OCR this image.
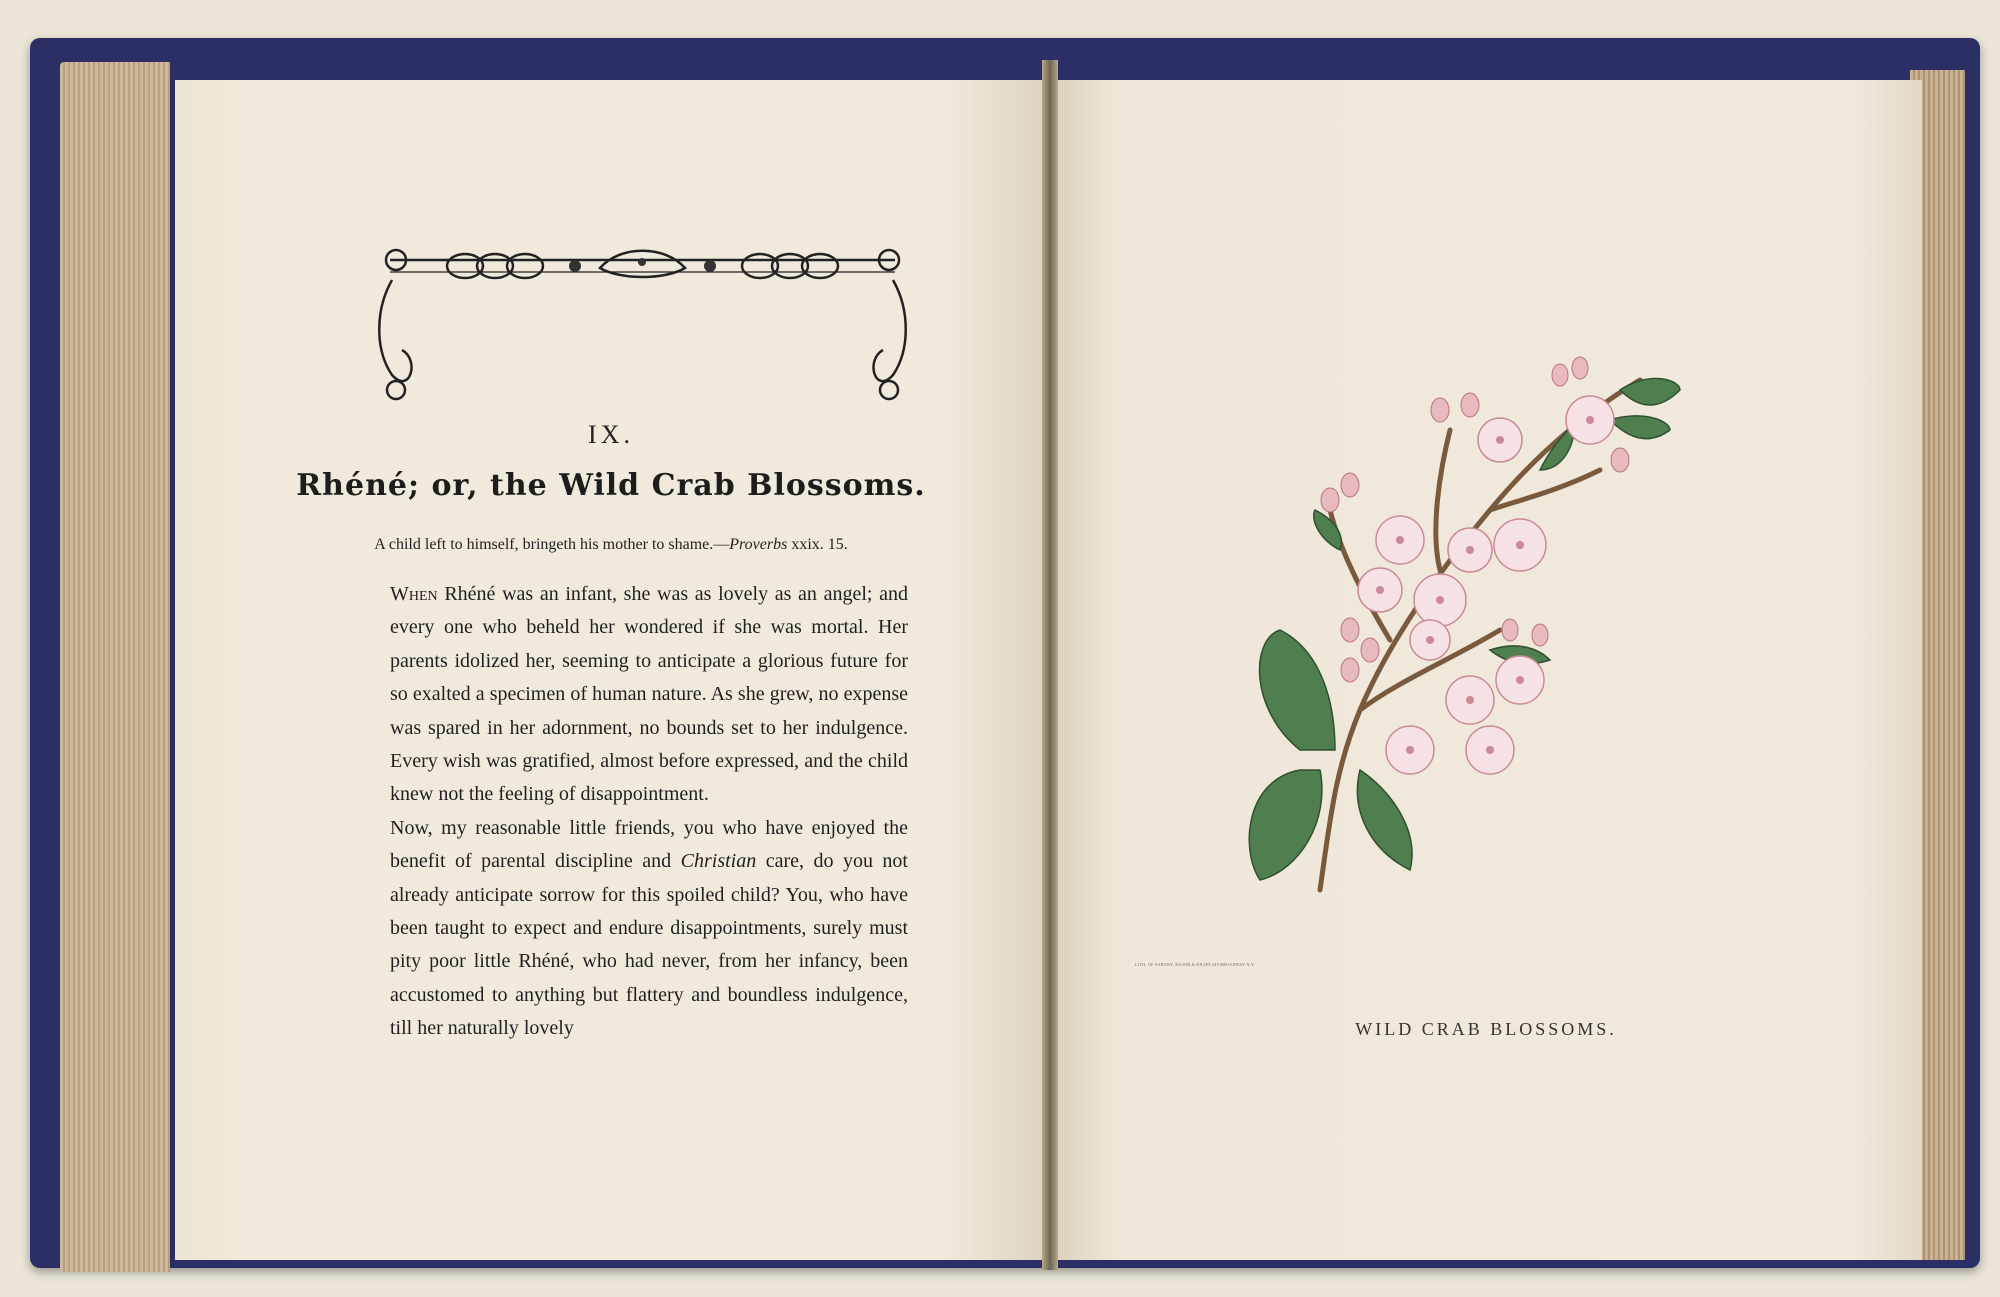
IX.
Rhéné; or, the Wild Crab Blossoms.
A child left to himself, bringeth his mother to shame.—Proverbs xxix. 15.

When Rhéné was an infant, she was as lovely as an angel; and every one who beheld her wondered if she was mortal. Her parents idolized her, seeming to anticipate a glorious future for so exalted a specimen of human nature. As she grew, no expense was spared in her adornment, no bounds set to her indulgence. Every wish was gratified, almost before expressed, and the child knew not the feeling of disappointment.

Now, my reasonable little friends, you who have enjoyed the benefit of parental discipline and Christian care, do you not already anticipate sorrow for this spoiled child? You, who have been taught to expect and endure disappointments, surely must pity poor little Rhéné, who had never, from her infancy, been accustomed to anything but flattery and boundless indulgence, till her naturally lovely

LITH. OF SARONY, MAJOR & KNAPP 449 BROADWAY N.Y.
WILD CRAB BLOSSOMS.
